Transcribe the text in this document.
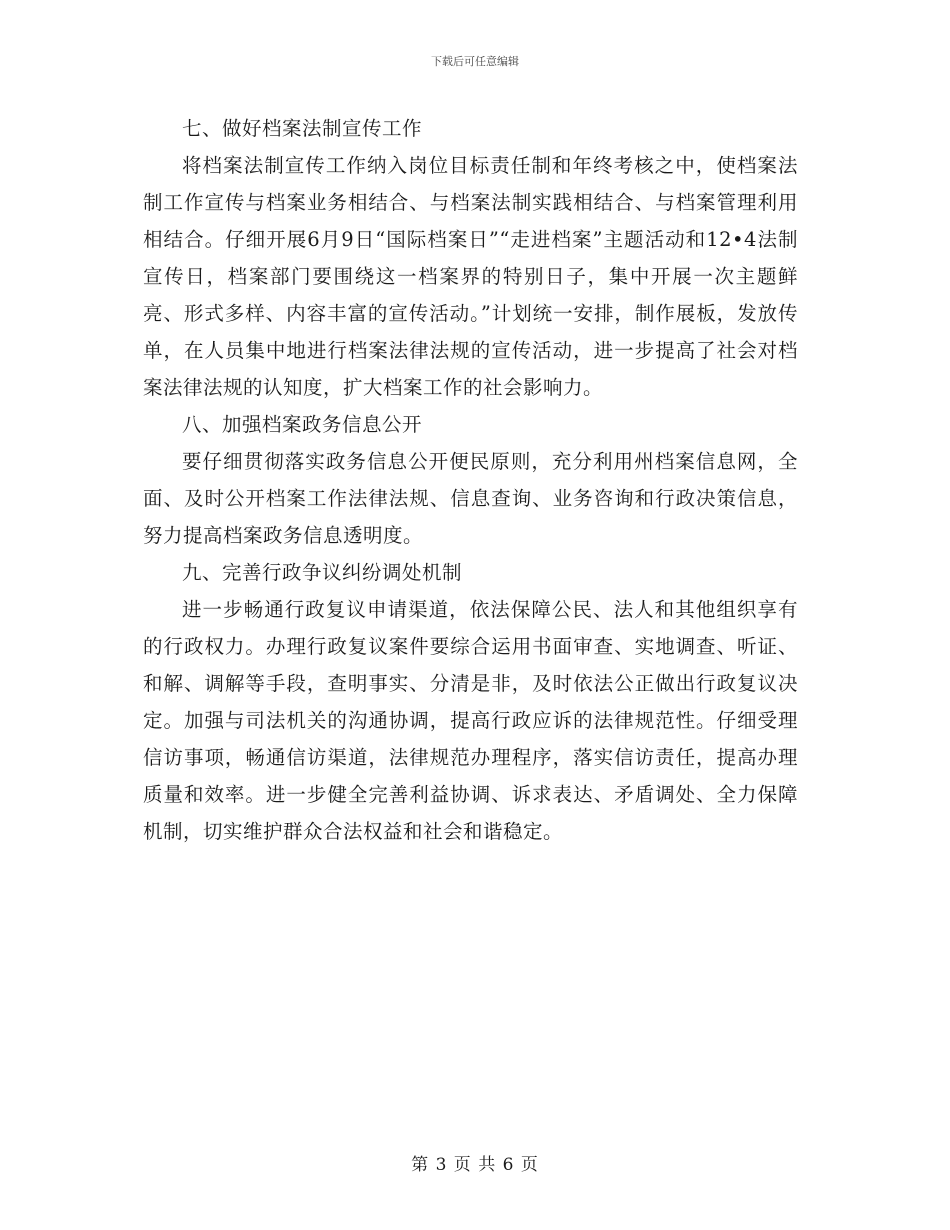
下载后可任意编辑

七、做好档案法制宣传工作

将档案法制宣传工作纳入岗位目标责任制和年终考核之中，使档案法制工作宣传与档案业务相结合、与档案法制实践相结合、与档案管理利用相结合。仔细开展6月9日“国际档案日”“走进档案”主题活动和12•4法制宣传日，档案部门要围绕这一档案界的特别日子，集中开展一次主题鲜亮、形式多样、内容丰富的宣传活动。”计划统一安排，制作展板，发放传单，在人员集中地进行档案法律法规的宣传活动，进一步提高了社会对档案法律法规的认知度，扩大档案工作的社会影响力。

八、加强档案政务信息公开

要仔细贯彻落实政务信息公开便民原则，充分利用州档案信息网，全面、及时公开档案工作法律法规、信息查询、业务咨询和行政决策信息，努力提高档案政务信息透明度。

九、完善行政争议纠纷调处机制

进一步畅通行政复议申请渠道，依法保障公民、法人和其他组织享有的行政权力。办理行政复议案件要综合运用书面审查、实地调查、听证、和解、调解等手段，查明事实、分清是非，及时依法公正做出行政复议决定。加强与司法机关的沟通协调，提高行政应诉的法律规范性。仔细受理信访事项，畅通信访渠道，法律规范办理程序，落实信访责任，提高办理质量和效率。进一步健全完善利益协调、诉求表达、矛盾调处、全力保障机制，切实维护群众合法权益和社会和谐稳定。

第 3 页 共 6 页
